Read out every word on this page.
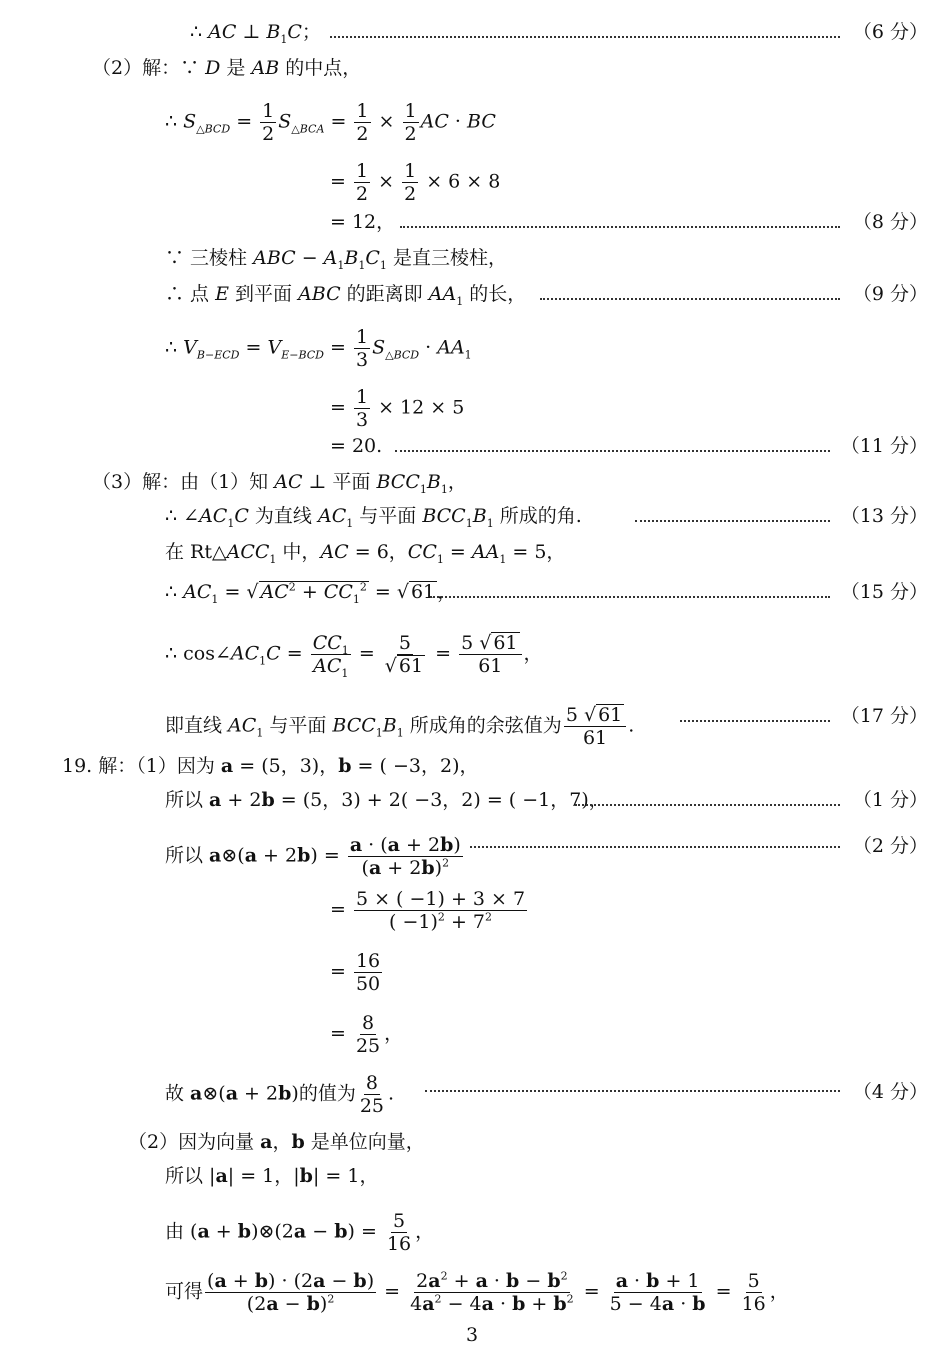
∴ AC ⊥ $B_1C$；	（6 分）
（2）解：∵ D 是 AB 的中点，
∴ $S_{\triangle BCD} = \frac{1}{2} S_{\triangle BCA} = \frac{1}{2} \times \frac{1}{2}$ AC · BC
= $\frac{1}{2} \times \frac{1}{2} \times 6 \times 8$
= 12，	（8 分）
∵ 三棱柱 ABC − $A_1B_1C_1$ 是直三棱柱，
∴ 点 E 到平面 ABC 的距离即 $AA_1$ 的长，	（9 分）
∴ $V_{B-ECD} = V_{E-BCD} = \frac{1}{3} S_{\triangle BCD} \cdot AA_1$
= $\frac{1}{3} \times 12 \times 5$
= 20.	（11 分）
（3）解：由（1）知 AC ⊥ 平面 $BCC_1B_1$，
∴ $\angle AC_1C$ 为直线 $AC_1$ 与平面 $BCC_1B_1$ 所成的角.	（13 分）
在 $Rt\triangle ACC_1$ 中，AC = 6，$CC_1 = AA_1 = 5$，
∴ $AC_1$ = √ $AC^2 + CC_1^2$ = √ 61 ，	（15 分）
∴ $\cos\angle AC_1C = \frac{CC_1}{AC_1} = \frac{5}{√ 61} = \frac{5 √ 61}{61}$ ，
即直线 $AC_1$ 与平面 $BCC_1B_1$ 所成角的余弦值为 $\frac{5 √ 61}{61}$ .	（17 分）
19. 解：（1）因为 a = (5，3)，b = ( −3，2)，
所以 a + 2b = (5，3) + 2( −3，2) = ( −1，7)，	（1 分）
所以 a⊗(a + $2b) = \frac{a \cdot (a + 2b)}{(a + 2b)^2}$	（2 分）
= $\frac{5 \times ( -1) + 3 \times 7}{( -1)^2 + 7^2}$
= $\frac{16}{50}$
= $\frac{8}{25}$ ，
故 a⊗(a + 2b)的值为 $\frac{8}{25}$ .	（4 分）
（2）因为向量 a，b 是单位向量，
所以 |a| = 1，|b| = 1，
由 (a + b)⊗(2a − $b) = \frac{5}{16}$ ，
可得 $\frac{(a + b) \cdot (2a - b)}{(2a - b)^2} = \frac{2a^2 + a \cdot b - b^2}{4a^2 - 4a \cdot b + b^2} = \frac{a \cdot b + 1}{5 - 4a \cdot b} = \frac{5}{16}$ ，
3
